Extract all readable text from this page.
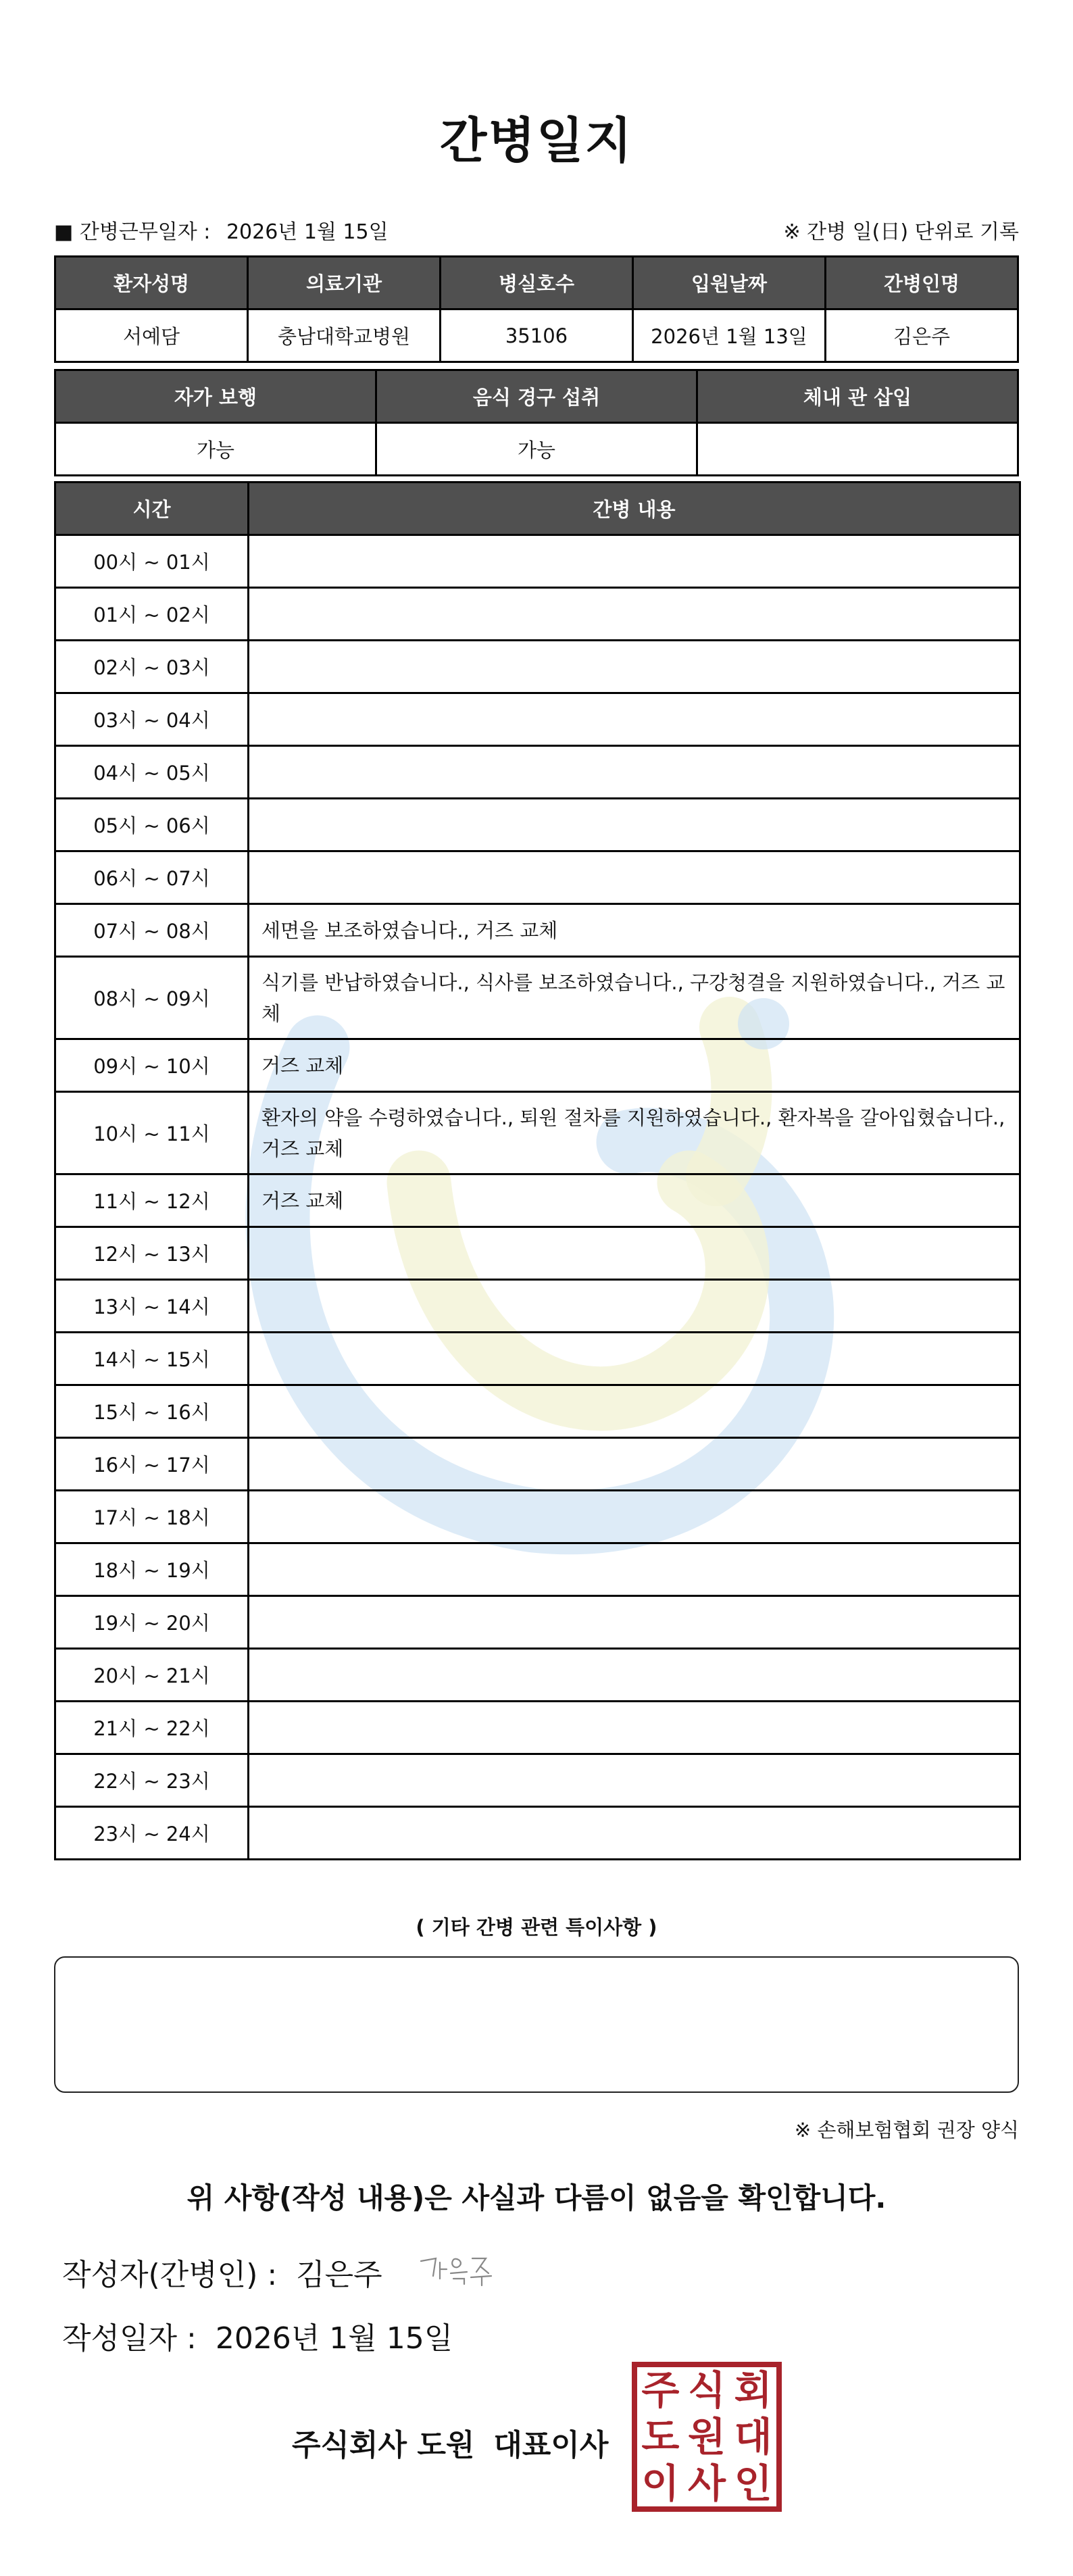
간병일지
■ 간병근무일자 : 2026년 1월 15일	※ 간병 일(日) 단위로 기록
환자성명	의료기관	병실호수	입원날짜	간병인명
서예담	충남대학교병원	35106	2026년 1월 13일	김은주
자가 보행	음식 경구 섭취	체내 관 삽입
가능	가능	
시간	간병 내용
00시 ~ 01시	
01시 ~ 02시	
02시 ~ 03시	
03시 ~ 04시	
04시 ~ 05시	
05시 ~ 06시	
06시 ~ 07시	
07시 ~ 08시	세면을 보조하였습니다., 거즈 교체
08시 ~ 09시	식기를 반납하였습니다., 식사를 보조하였습니다., 구강청결을 지원하였습니다., 거즈 교체
09시 ~ 10시	거즈 교체
10시 ~ 11시	환자의 약을 수령하였습니다., 퇴원 절차를 지원하였습니다., 환자복을 갈아입혔습니다., 거즈 교체
11시 ~ 12시	거즈 교체
12시 ~ 13시	
13시 ~ 14시	
14시 ~ 15시	
15시 ~ 16시	
16시 ~ 17시	
17시 ~ 18시	
18시 ~ 19시	
19시 ~ 20시	
20시 ~ 21시	
21시 ~ 22시	
22시 ~ 23시	
23시 ~ 24시	
( 기타 간병 관련 특이사항 )
※ 손해보험협회 권장 양식
위 사항(작성 내용)은 사실과 다름이 없음을 확인합니다.
작성자(간병인) : 김은주
작성일자 : 2026년 1월 15일
주식회사 도원 대표이사
주 식 회
도 원 대
이 사 인
